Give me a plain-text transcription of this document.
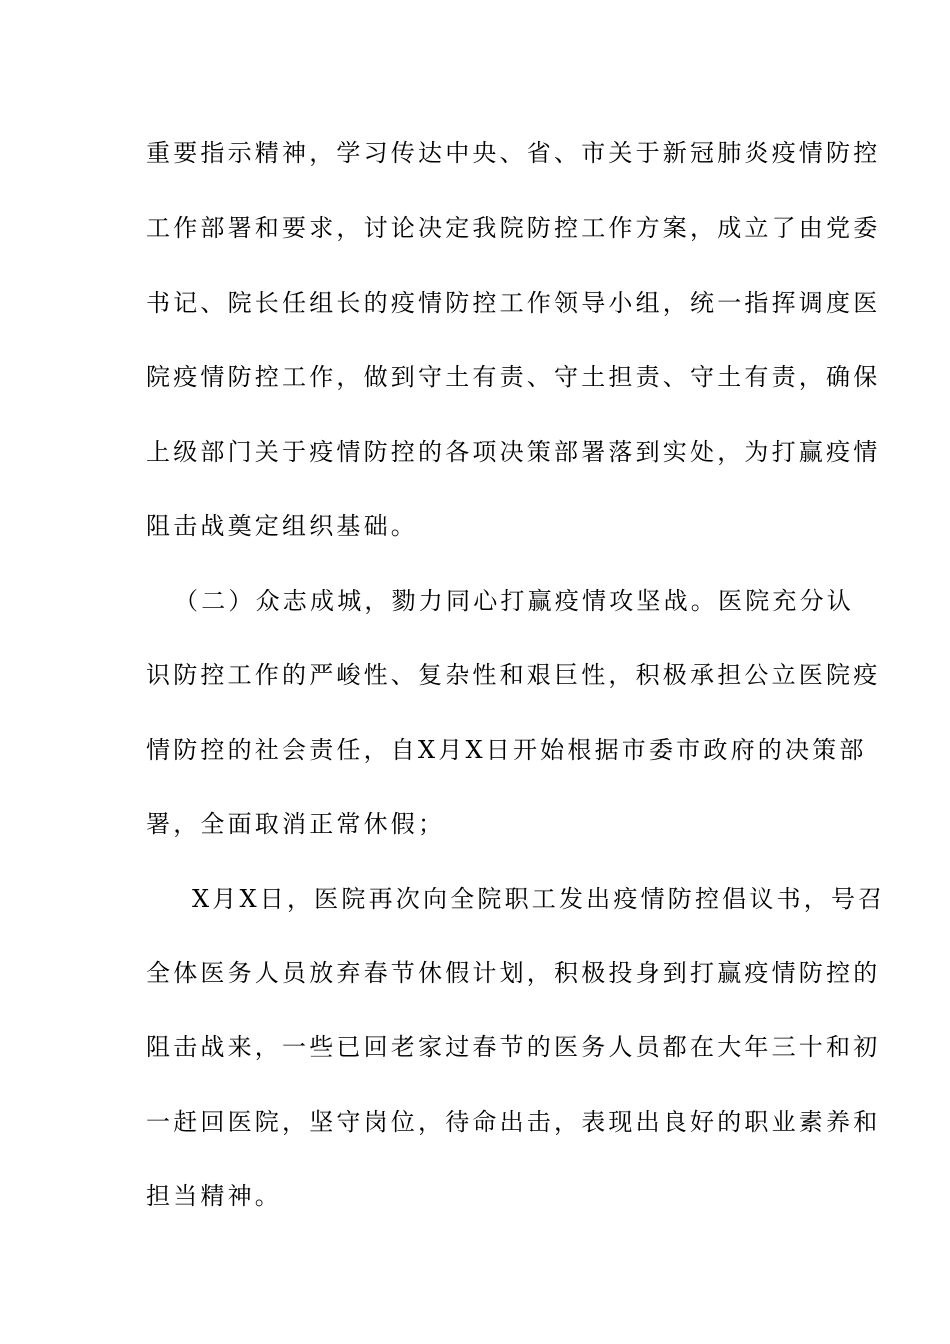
重要指示精神，学习传达中央、省、市关于新冠肺炎疫情防控
工作部署和要求，讨论决定我院防控工作方案，成立了由党委
书记、院长任组长的疫情防控工作领导小组，统一指挥调度医
院疫情防控工作，做到守土有责、守土担责、守土有责，确保
上级部门关于疫情防控的各项决策部署落到实处，为打赢疫情
阻击战奠定组织基础。
（二）众志成城，勠力同心打赢疫情攻坚战。医院充分认
识防控工作的严峻性、复杂性和艰巨性，积极承担公立医院疫
情防控的社会责任，自X月X日开始根据市委市政府的决策部
署，全面取消正常休假；
X月X日，医院再次向全院职工发出疫情防控倡议书，号召
全体医务人员放弃春节休假计划，积极投身到打赢疫情防控的
阻击战来，一些已回老家过春节的医务人员都在大年三十和初
一赶回医院，坚守岗位，待命出击，表现出良好的职业素养和
担当精神。
